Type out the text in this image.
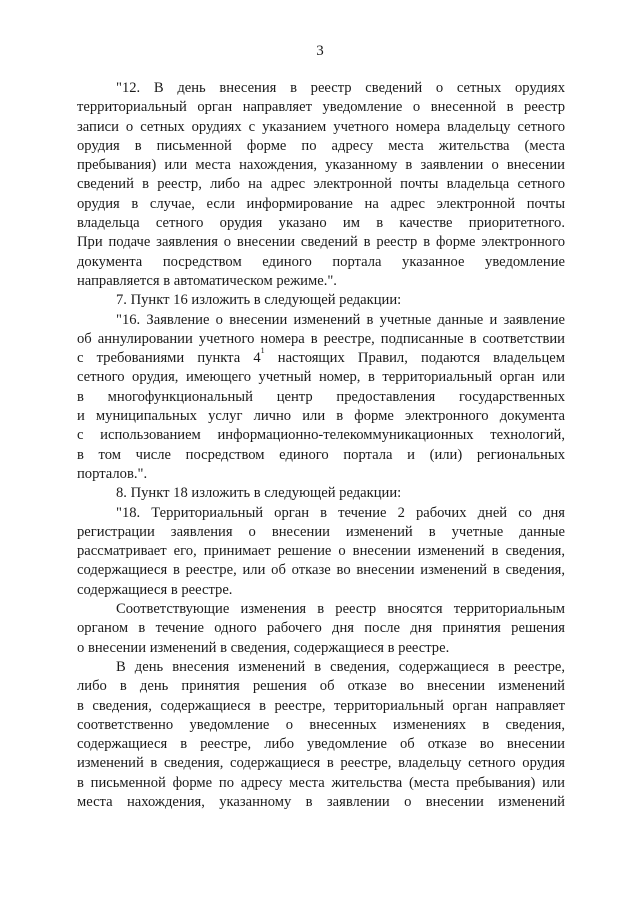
3
"12. В день внесения в реестр сведений о сетных орудиях
территориальный орган направляет уведомление о внесенной в реестр
записи о сетных орудиях с указанием учетного номера владельцу сетного
орудия в письменной форме по адресу места жительства (места
пребывания) или места нахождения, указанному в заявлении о внесении
сведений в реестр, либо на адрес электронной почты владельца сетного
орудия в случае, если информирование на адрес электронной почты
владельца сетного орудия указано им в качестве приоритетного.
При подаче заявления о внесении сведений в реестр в форме электронного
документа посредством единого портала указанное уведомление
направляется в автоматическом режиме.".
7. Пункт 16 изложить в следующей редакции:
"16. Заявление о внесении изменений в учетные данные и заявление
об аннулировании учетного номера в реестре, подписанные в соответствии
с требованиями пункта $4^1$ настоящих Правил, подаются владельцем
сетного орудия, имеющего учетный номер, в территориальный орган или
в многофункциональный центр предоставления государственных
и муниципальных услуг лично или в форме электронного документа
с использованием информационно-телекоммуникационных технологий,
в том числе посредством единого портала и (или) региональных
порталов.".
8. Пункт 18 изложить в следующей редакции:
"18. Территориальный орган в течение 2 рабочих дней со дня
регистрации заявления о внесении изменений в учетные данные
рассматривает его, принимает решение о внесении изменений в сведения,
содержащиеся в реестре, или об отказе во внесении изменений в сведения,
содержащиеся в реестре.
Соответствующие изменения в реестр вносятся территориальным
органом в течение одного рабочего дня после дня принятия решения
о внесении изменений в сведения, содержащиеся в реестре.
В день внесения изменений в сведения, содержащиеся в реестре,
либо в день принятия решения об отказе во внесении изменений
в сведения, содержащиеся в реестре, территориальный орган направляет
соответственно уведомление о внесенных изменениях в сведения,
содержащиеся в реестре, либо уведомление об отказе во внесении
изменений в сведения, содержащиеся в реестре, владельцу сетного орудия
в письменной форме по адресу места жительства (места пребывания) или
места нахождения, указанному в заявлении о внесении изменений
